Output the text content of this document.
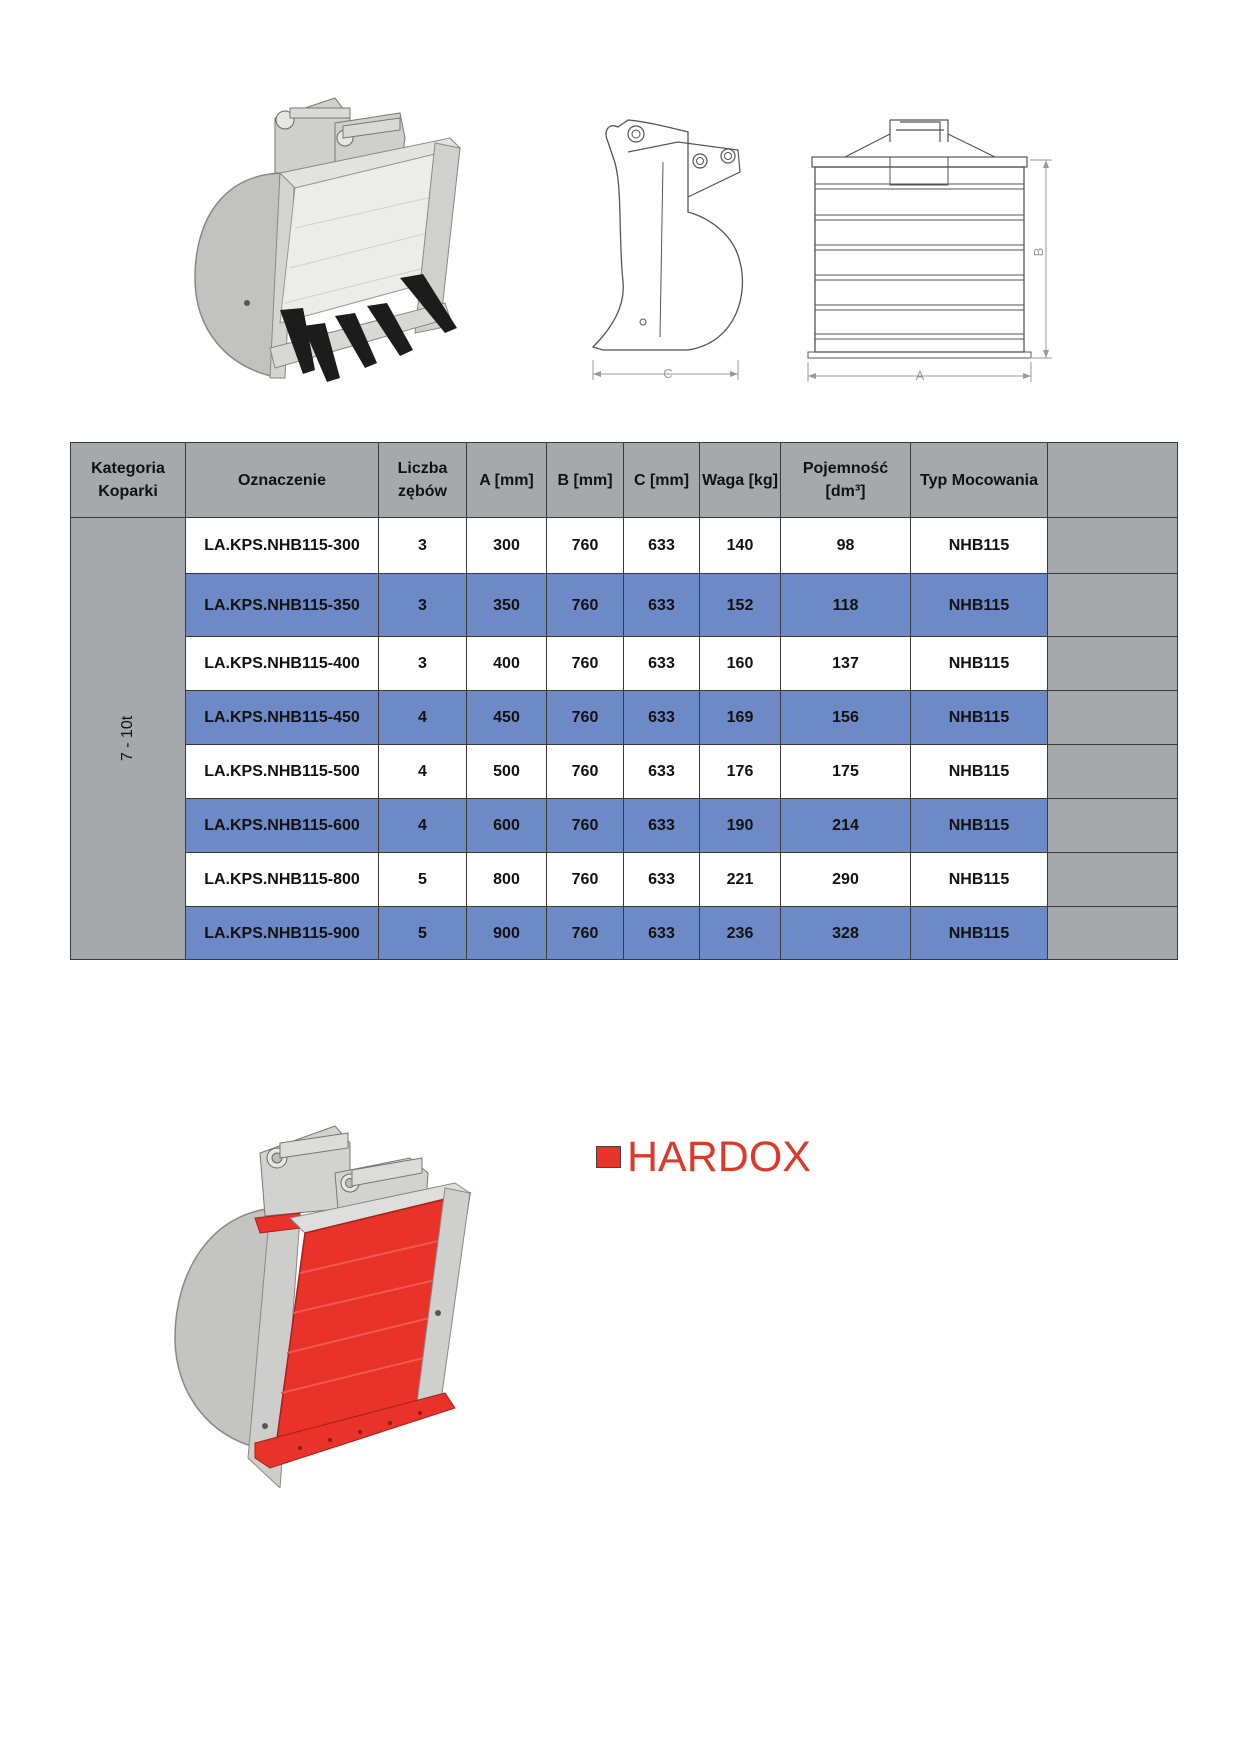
C
B
A
Kategoria Koparki	Oznaczenie	Liczba zębów	A [mm]	B [mm]	C [mm]	Waga [kg]	Pojemność [dm³]	Typ Mocowania	
7 - 10t	LA.KPS.NHB115-300	3	300	760	633	140	98	NHB115	
	LA.KPS.NHB115-350	3	350	760	633	152	118	NHB115	
	LA.KPS.NHB115-400	3	400	760	633	160	137	NHB115	
	LA.KPS.NHB115-450	4	450	760	633	169	156	NHB115	
	LA.KPS.NHB115-500	4	500	760	633	176	175	NHB115	
	LA.KPS.NHB115-600	4	600	760	633	190	214	NHB115	
	LA.KPS.NHB115-800	5	800	760	633	221	290	NHB115	
	LA.KPS.NHB115-900	5	900	760	633	236	328	NHB115	
HARDOX
